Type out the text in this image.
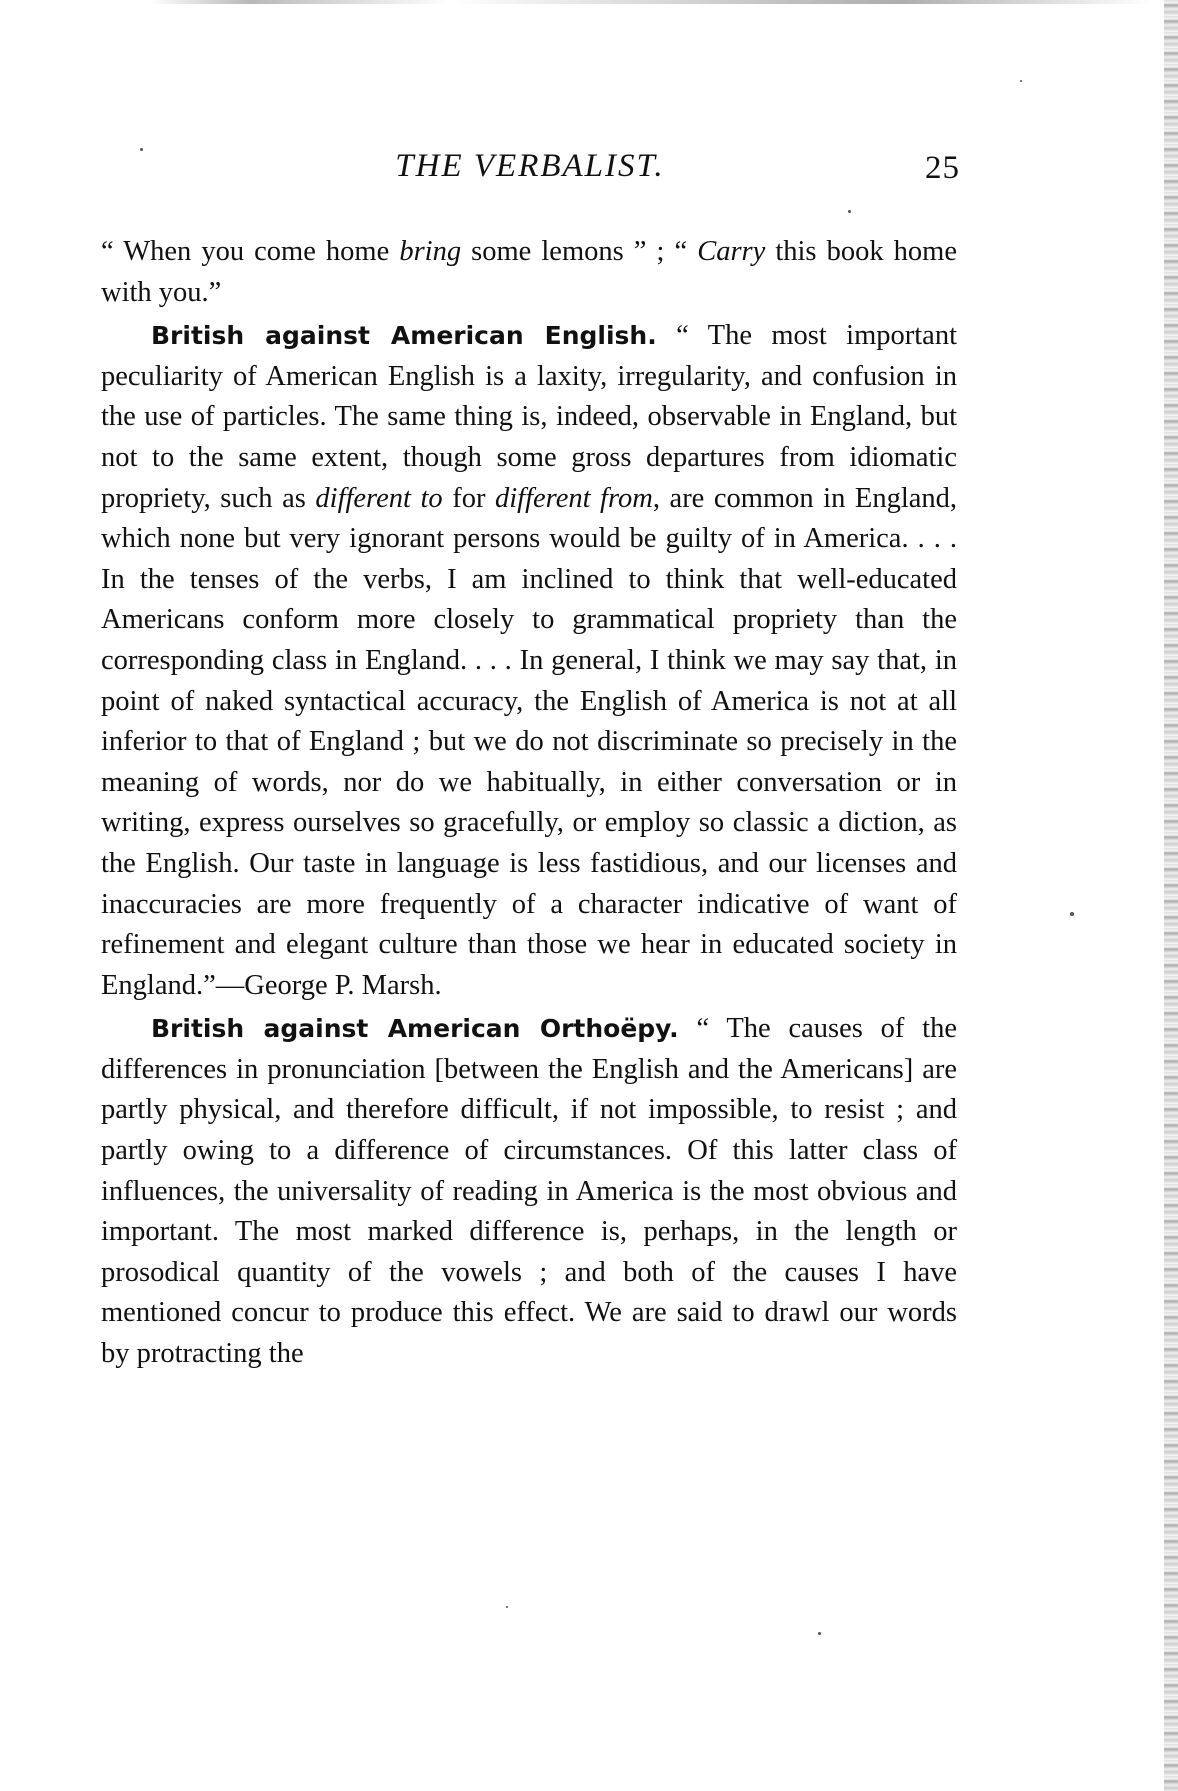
THE VERBALIST.	25

“ When you come home bring some lemons ” ; “ Carry this book home with you.”

British against American English. “ The most important peculiarity of American English is a laxity, irregularity, and confusion in the use of particles. The same thing is, indeed, observable in England, but not to the same extent, though some gross departures from idiomatic propriety, such as different to for different from, are common in England, which none but very ignorant persons would be guilty of in America. . . . In the tenses of the verbs, I am inclined to think that well-educated Americans conform more closely to grammatical propriety than the corresponding class in England. . . . In general, I think we may say that, in point of naked syntactical accuracy, the English of America is not at all inferior to that of England ; but we do not discriminate so precisely in the meaning of words, nor do we habitually, in either conversation or in writing, express ourselves so gracefully, or employ so classic a diction, as the English. Our taste in language is less fastidious, and our licenses and inaccuracies are more frequently of a character indicative of want of refinement and elegant culture than those we hear in educated society in England.”—George P. Marsh.

British against American Orthoëpy. “ The causes of the differences in pronunciation [between the English and the Americans] are partly physical, and therefore difficult, if not impossible, to resist ; and partly owing to a difference of circumstances. Of this latter class of influences, the universality of reading in America is the most obvious and important. The most marked difference is, perhaps, in the length or prosodical quantity of the vowels ; and both of the causes I have mentioned concur to produce this effect. We are said to drawl our words by protracting the
